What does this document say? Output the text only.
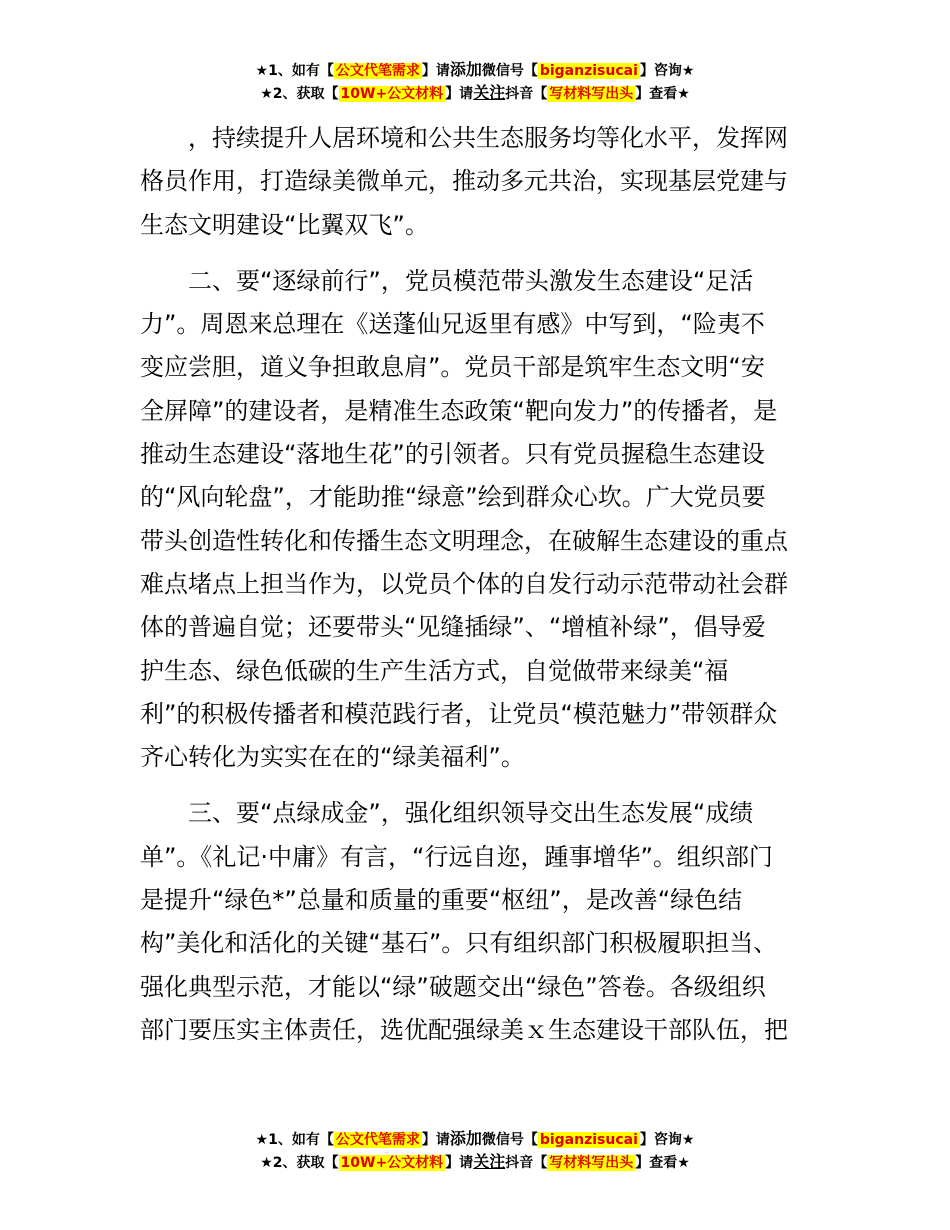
★1、如有【 公文代笔需求 】请添加微信号【 biganzisucai 】咨询★
★2、获取【 10W+公文材料 】请关注抖音【 写材料写出头 】查看★

，持续提升人居环境和公共生态服务均等化水平，发挥网
格员作用，打造绿美微单元，推动多元共治，实现基层党建与
生态文明建设“比翼双飞”。

二、要“逐绿前行”，党员模范带头激发生态建设“足活
力”。周恩来总理在《送蓬仙兄返里有感》中写到，“险夷不
变应尝胆，道义争担敢息肩”。党员干部是筑牢生态文明“安
全屏障”的建设者，是精准生态政策“靶向发力”的传播者，是
推动生态建设“落地生花”的引领者。只有党员握稳生态建设
的“风向轮盘”，才能助推“绿意”绘到群众心坎。广大党员要
带头创造性转化和传播生态文明理念，在破解生态建设的重点
难点堵点上担当作为，以党员个体的自发行动示范带动社会群
体的普遍自觉；还要带头“见缝插绿”、“增植补绿”，倡导爱
护生态、绿色低碳的生产生活方式，自觉做带来绿美“福
利”的积极传播者和模范践行者，让党员“模范魅力”带领群众
齐心转化为实实在在的“绿美福利”。

三、要“点绿成金”，强化组织领导交出生态发展“成绩
单”。《礼记·中庸》有言，“行远自迩，踵事增华”。组织部门
是提升“绿色*”总量和质量的重要“枢纽”，是改善“绿色结
构”美化和活化的关键“基石”。只有组织部门积极履职担当、
强化典型示范，才能以“绿”破题交出“绿色”答卷。各级组织
部门要压实主体责任，选优配强绿美ｘ生态建设干部队伍，把

★1、如有【 公文代笔需求 】请添加微信号【 biganzisucai 】咨询★
★2、获取【 10W+公文材料 】请关注抖音【 写材料写出头 】查看★
